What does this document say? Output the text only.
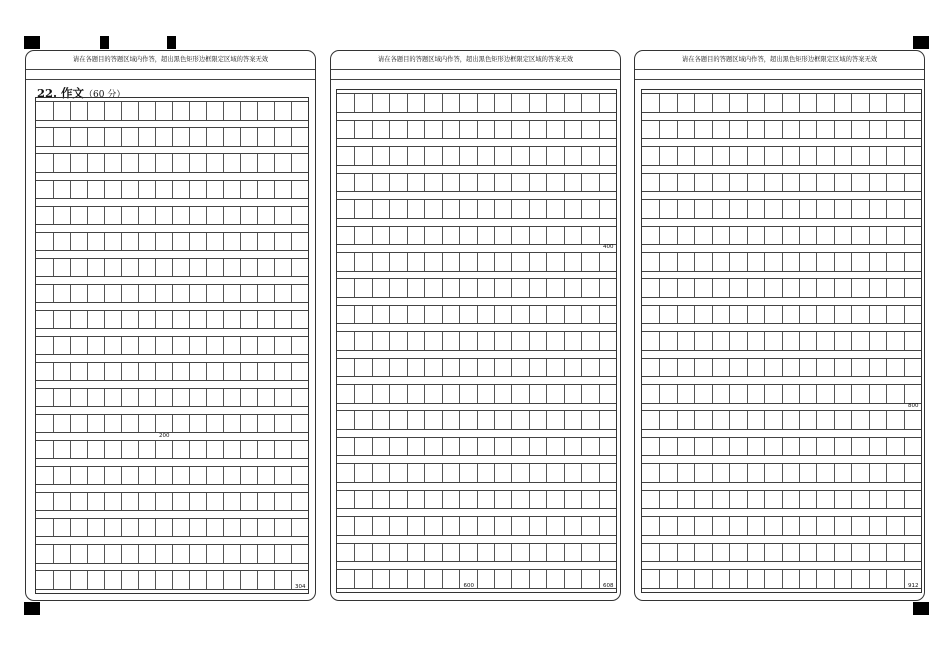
请在各题目的答题区域内作答，超出黑色矩形边框限定区域的答案无效
22. 作文（60 分）
200
304
请在各题目的答题区域内作答，超出黑色矩形边框限定区域的答案无效
400
600	608
请在各题目的答题区域内作答，超出黑色矩形边框限定区域的答案无效
800
912
